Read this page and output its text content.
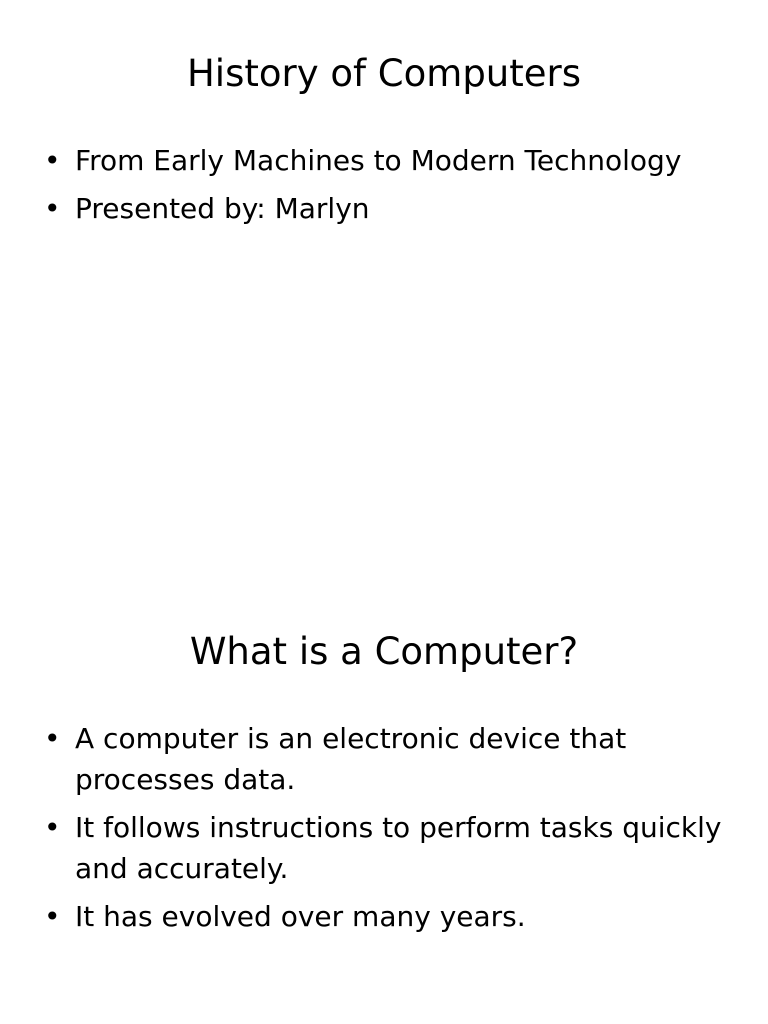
History of Computers
• From Early Machines to Modern Technology
• Presented by: Marlyn
What is a Computer?
• A computer is an electronic device that processes data.
• It follows instructions to perform tasks quickly and accurately.
• It has evolved over many years.
